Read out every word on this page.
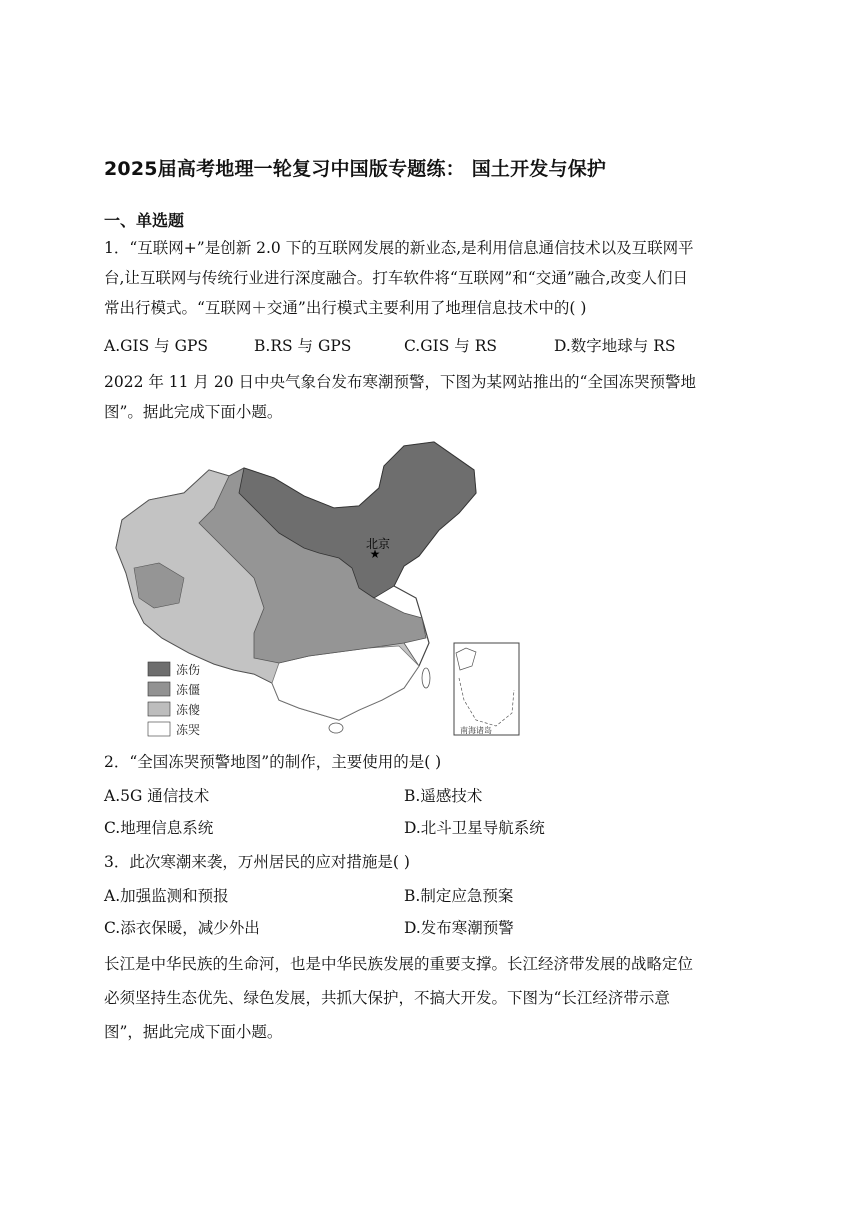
2025届高考地理一轮复习中国版专题练： 国土开发与保护
一、单选题
1．“互联网+”是创新 2.0 下的互联网发展的新业态,是利用信息通信技术以及互联网平
台,让互联网与传统行业进行深度融合。打车软件将“互联网”和“交通”融合,改变人们日
常出行模式。“互联网＋交通”出行模式主要利用了地理信息技术中的( )
A.GIS 与 GPS	B.RS 与 GPS	C.GIS 与 RS	D.数字地球与 RS
2022 年 11 月 20 日中央气象台发布寒潮预警，下图为某网站推出的“全国冻哭预警地
图”。据此完成下面小题。
★
北京
南海诸岛
冻伤
冻僵
冻傻
冻哭
2．“全国冻哭预警地图”的制作，主要使用的是( )
A.5G 通信技术	B.遥感技术
C.地理信息系统	D.北斗卫星导航系统
3．此次寒潮来袭，万州居民的应对措施是( )
A.加强监测和预报	B.制定应急预案
C.添衣保暖，减少外出	D.发布寒潮预警
长江是中华民族的生命河，也是中华民族发展的重要支撑。长江经济带发展的战略定位
必须坚持生态优先、绿色发展，共抓大保护，不搞大开发。下图为“长江经济带示意
图”，据此完成下面小题。
